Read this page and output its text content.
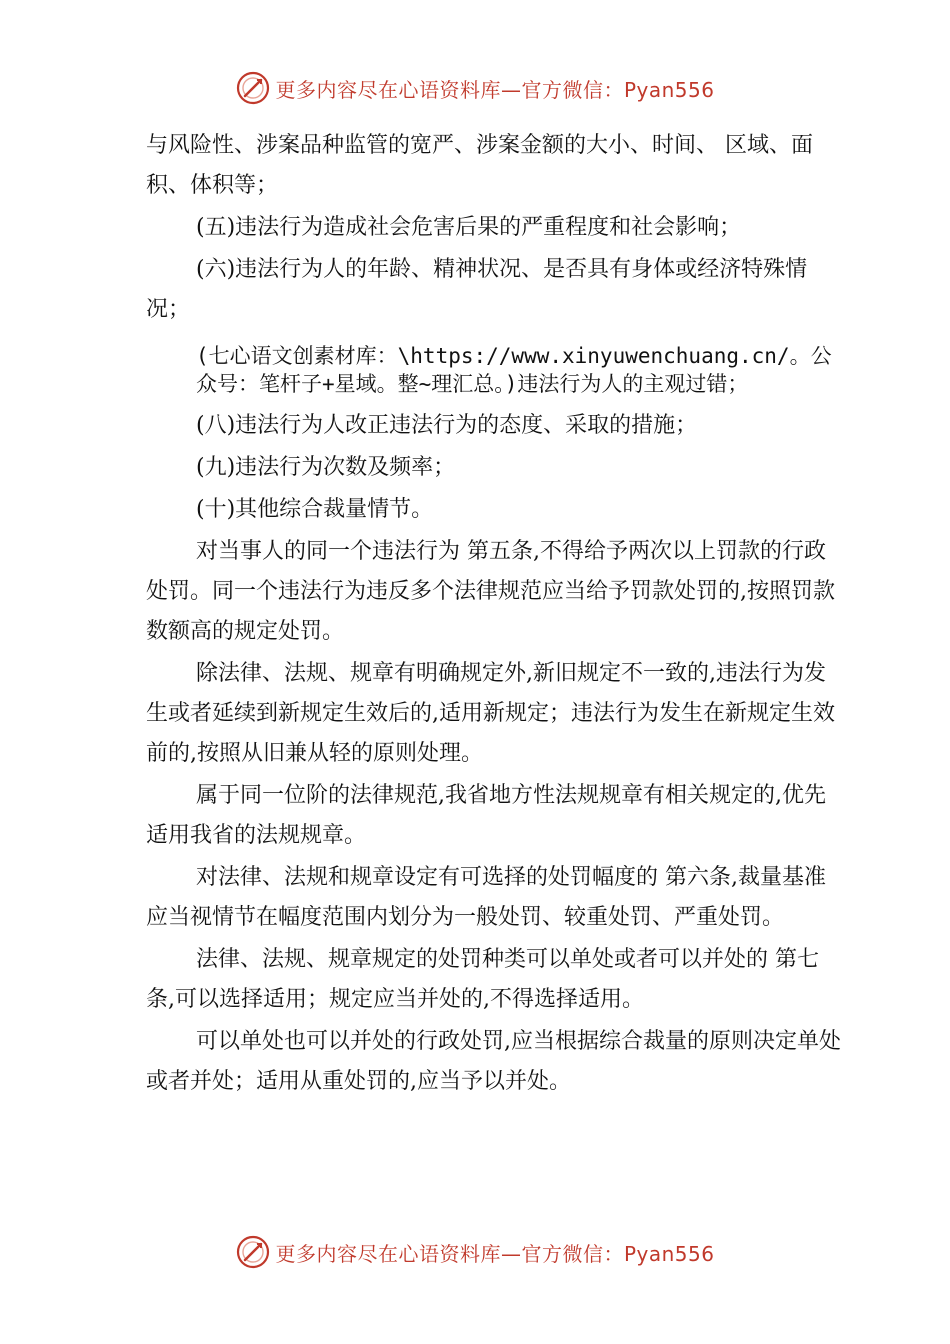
更多内容尽在心语资料库—官方微信：Pyan556
与风险性、涉案品种监管的宽严、涉案金额的大小、时间、 区域、面积、体积等；
(五)违法行为造成社会危害后果的严重程度和社会影响；
(六)违法行为人的年龄、精神状况、是否具有身体或经济特殊情况；
(七心语文创素材库：\https://www.xinyuwenchuang.cn/。公众号：笔杆子+星域。整~理汇总。)违法行为人的主观过错；
(八)违法行为人改正违法行为的态度、采取的措施；
(九)违法行为次数及频率；
(十)其他综合裁量情节。
对当事人的同一个违法行为 第五条,不得给予两次以上罚款的行政处罚。同一个违法行为违反多个法律规范应当给予罚款处罚的,按照罚款数额高的规定处罚。
除法律、法规、规章有明确规定外,新旧规定不一致的,违法行为发生或者延续到新规定生效后的,适用新规定；违法行为发生在新规定生效前的,按照从旧兼从轻的原则处理。
属于同一位阶的法律规范,我省地方性法规规章有相关规定的,优先适用我省的法规规章。
对法律、法规和规章设定有可选择的处罚幅度的 第六条,裁量基准应当视情节在幅度范围内划分为一般处罚、较重处罚、严重处罚。
法律、法规、规章规定的处罚种类可以单处或者可以并处的 第七条,可以选择适用；规定应当并处的,不得选择适用。
可以单处也可以并处的行政处罚,应当根据综合裁量的原则决定单处或者并处；适用从重处罚的,应当予以并处。
更多内容尽在心语资料库—官方微信：Pyan556
